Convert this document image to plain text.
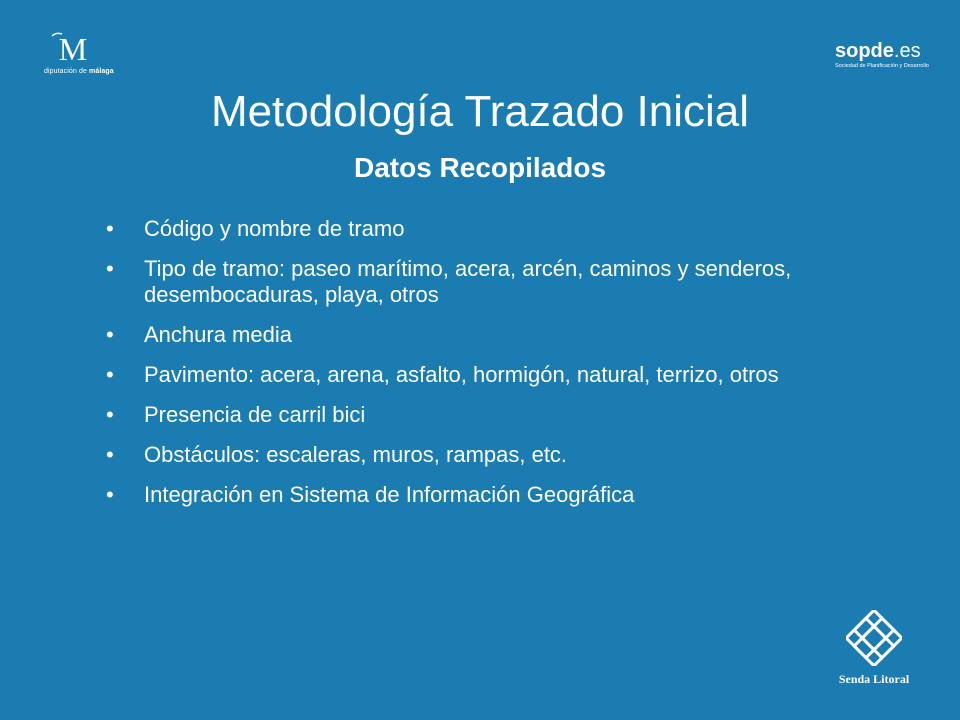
M
diputación de málaga
sopde.es
Sociedad de Planificación y Desarrollo
Metodología Trazado Inicial
Datos Recopilados
• Código y nombre de tramo
• Tipo de tramo: paseo marítimo, acera, arcén, caminos y senderos, desembocaduras, playa, otros
• Anchura media
• Pavimento: acera, arena, asfalto, hormigón, natural, terrizo, otros
• Presencia de carril bici
• Obstáculos: escaleras, muros, rampas, etc.
• Integración en Sistema de Información Geográfica
Senda Litoral
